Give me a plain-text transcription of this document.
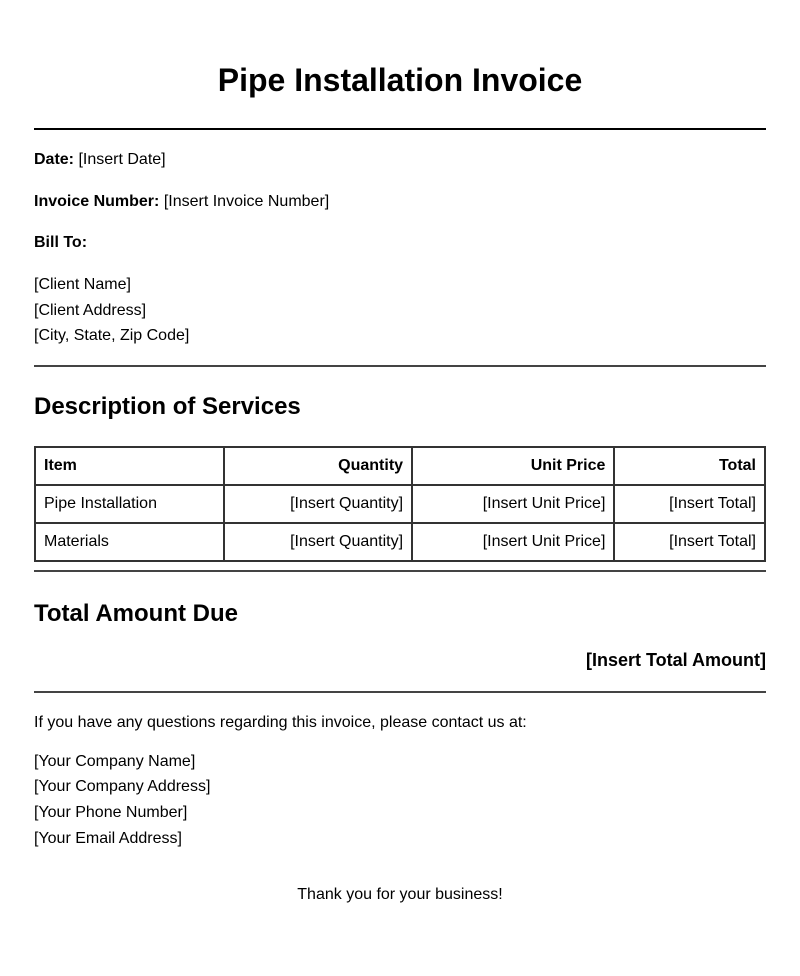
Pipe Installation Invoice
Date: [Insert Date]
Invoice Number: [Insert Invoice Number]
Bill To:
[Client Name]
[Client Address]
[City, State, Zip Code]
Description of Services
Item	Quantity	Unit Price	Total
Pipe Installation	[Insert Quantity]	[Insert Unit Price]	[Insert Total]
Materials	[Insert Quantity]	[Insert Unit Price]	[Insert Total]
Total Amount Due
[Insert Total Amount]
If you have any questions regarding this invoice, please contact us at:
[Your Company Name]
[Your Company Address]
[Your Phone Number]
[Your Email Address]
Thank you for your business!
